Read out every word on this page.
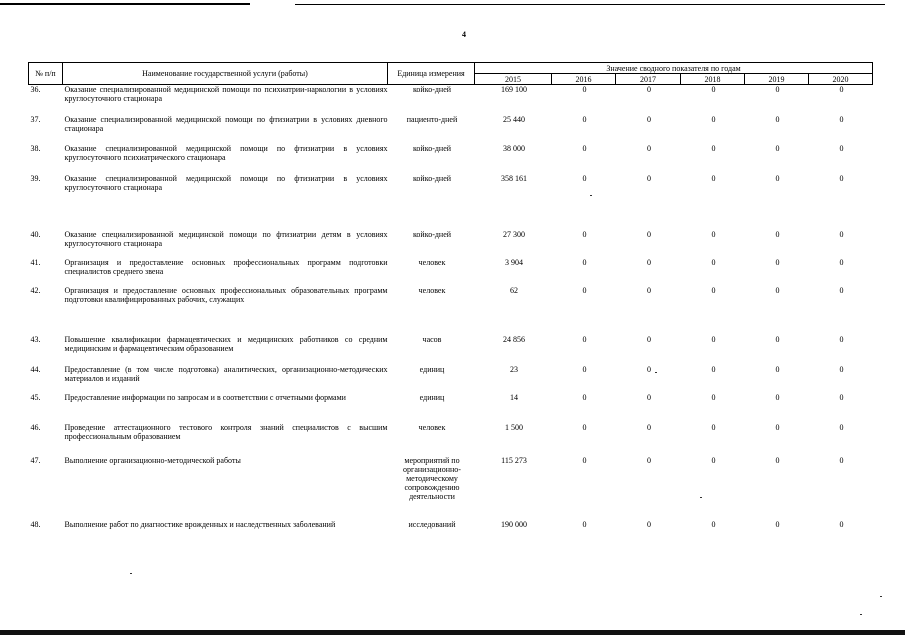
4
№ п/п	Наименование государственной услуги (работы)	Единица измерения	Значение сводного показателя по годам					
			2015	2016	2017	2018	2019	2020
36.	Оказание специализированной медицинской помощи по психиатрии-наркологии в условиях круглосуточного стационара	койко-дней	169 100	0	0	0	0	0
37.	Оказание специализированной медицинской помощи по фтизиатрии в условиях дневного стационара	пациенто-дней	25 440	0	0	0	0	0
38.	Оказание специализированной медицинской помощи по фтизиатрии в условиях круглосуточного психиатрического стационара	койко-дней	38 000	0	0	0	0	0
39.	Оказание специализированной медицинской помощи по фтизиатрии в условиях круглосуточного стационара	койко-дней	358 161	0	0	0	0	0
40.	Оказание специализированной медицинской помощи по фтизиатрии детям в условиях круглосуточного стационара	койко-дней	27 300	0	0	0	0	0
41.	Организация и предоставление основных профессиональных программ подготовки специалистов среднего звена	человек	3 904	0	0	0	0	0
42.	Организация и предоставление основных профессиональных образовательных программ подготовки квалифицированных рабочих, служащих	человек	62	0	0	0	0	0
43.	Повышение квалификации фармацевтических и медицинских работников со средним медицинским и фармацевтическим образованием	часов	24 856	0	0	0	0	0
44.	Предоставление (в том числе подготовка) аналитических, организационно-методических материалов и изданий	единиц	23	0	0	0	0	0
45.	Предоставление информации по запросам и в соответствии с отчетными формами	единиц	14	0	0	0	0	0
46.	Проведение аттестационного тестового контроля знаний специалистов с высшим профессиональным образованием	человек	1 500	0	0	0	0	0
47.	Выполнение организационно-методической работы	мероприятий по организационно-методическому сопровождению деятельности	115 273	0	0	0	0	0
48.	Выполнение работ по диагностике врожденных и наследственных заболеваний	исследований	190 000	0	0	0	0	0
